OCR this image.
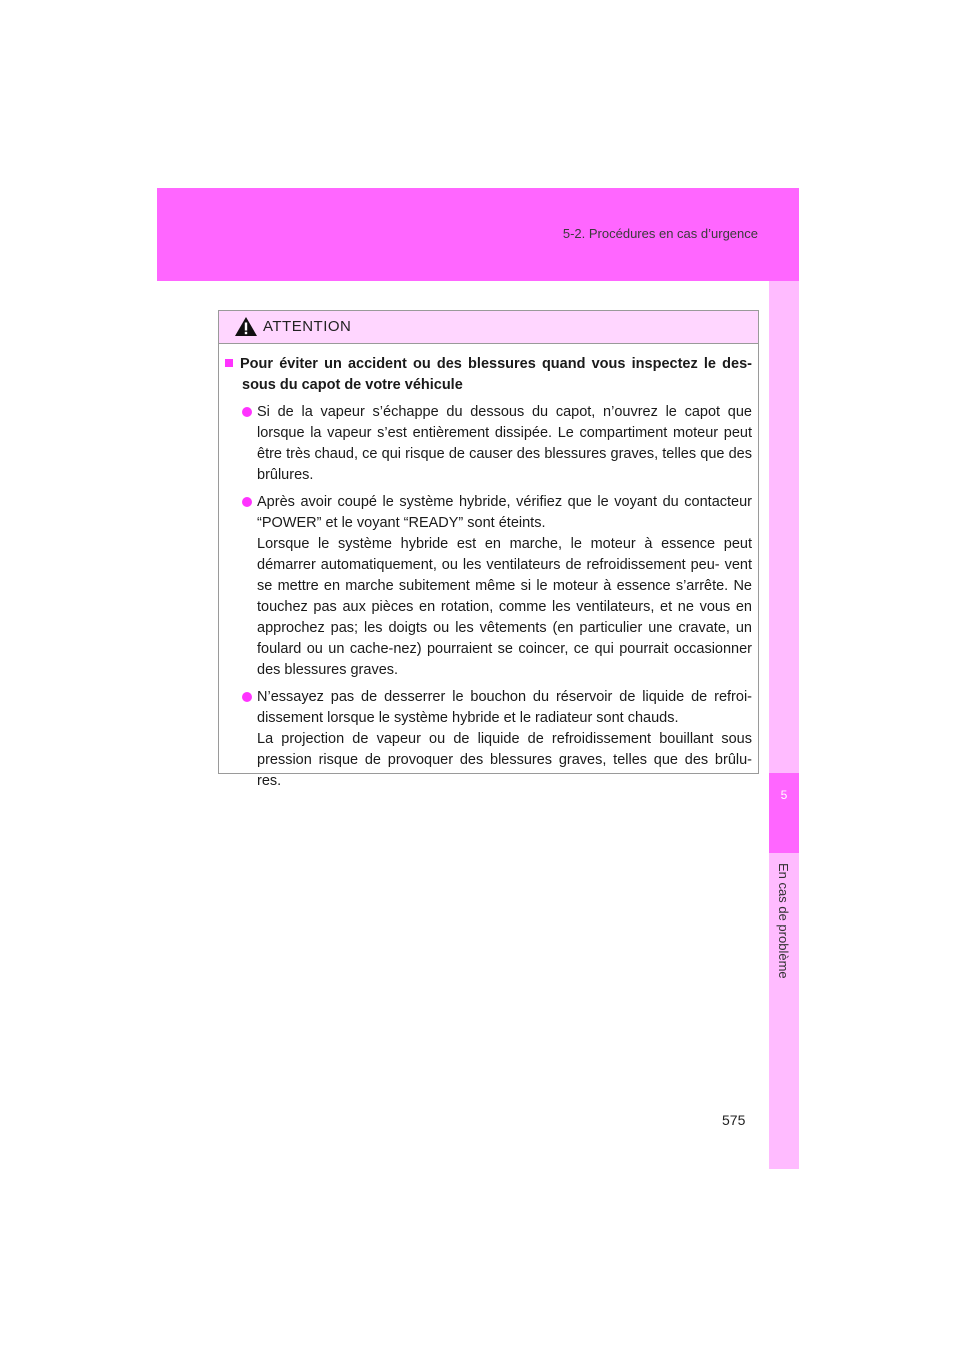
5-2. Procédures en cas d’urgence
5
En cas de problème
ATTENTION
Pour éviter un accident ou des blessures quand vous inspectez le des- sous du capot de votre véhicule

Si de la vapeur s’échappe du dessous du capot, n’ouvrez le capot que lorsque la vapeur s’est entièrement dissipée. Le compartiment moteur peut être très chaud, ce qui risque de causer des blessures graves, telles que des brûlures.

Après avoir coupé le système hybride, vérifiez que le voyant du contacteur “POWER” et le voyant “READY” sont éteints.

Lorsque le système hybride est en marche, le moteur à essence peut démarrer automatiquement, ou les ventilateurs de refroidissement peu- vent se mettre en marche subitement même si le moteur à essence s’arrête. Ne touchez pas aux pièces en rotation, comme les ventilateurs, et ne vous en approchez pas; les doigts ou les vêtements (en particulier une cravate, un foulard ou un cache-nez) pourraient se coincer, ce qui pourrait occasionner des blessures graves.

N’essayez pas de desserrer le bouchon du réservoir de liquide de refroi- dissement lorsque le système hybride et le radiateur sont chauds.

La projection de vapeur ou de liquide de refroidissement bouillant sous pression risque de provoquer des blessures graves, telles que des brûlu- res.

575
